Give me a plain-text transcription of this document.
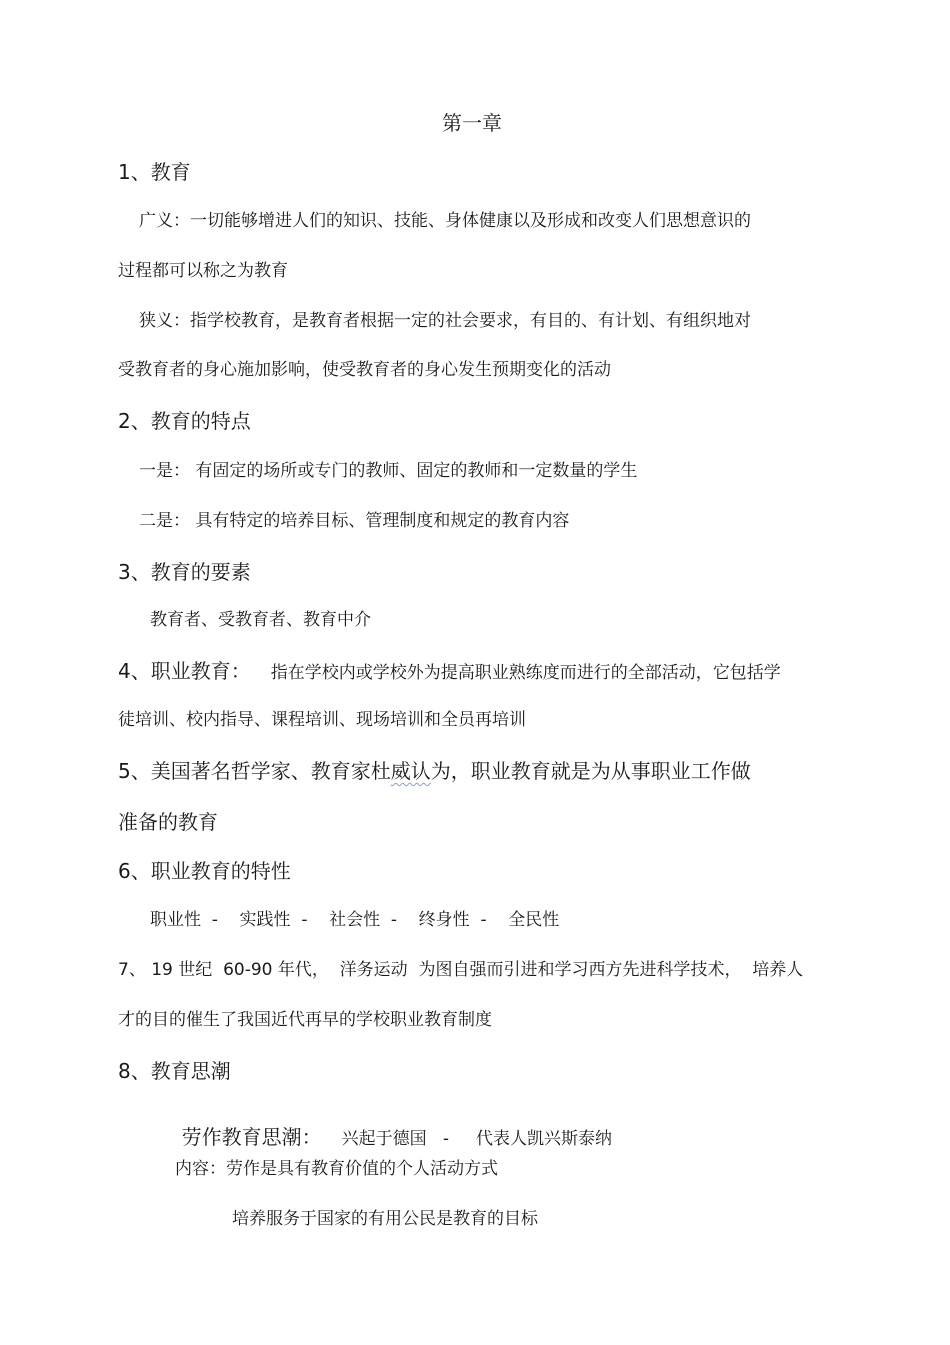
第一章
1、教育
广义：一切能够增进人们的知识、技能、身体健康以及形成和改变人们思想意识的
过程都可以称之为教育
狭义：指学校教育，是教育者根据一定的社会要求，有目的、有计划、有组织地对
受教育者的身心施加影响，使受教育者的身心发生预期变化的活动
2、教育的特点
一是： 有固定的场所或专门的教师、固定的教师和一定数量的学生
二是： 具有特定的培养目标、管理制度和规定的教育内容
3、教育的要素
教育者、受教育者、教育中介
4、职业教育： 指在学校内或学校外为提高职业熟练度而进行的全部活动，它包括学
徒培训、校内指导、课程培训、现场培训和全员再培训
5、美国著名哲学家、教育家杜威认为，职业教育就是为从事职业工作做
准备的教育
6、职业教育的特性
职业性  -    实践性  -    社会性  -    终身性  -    全民性
7、 19 世纪  60-90 年代，  洋务运动  为图自强而引进和学习西方先进科学技术，  培养人
才的目的催生了我国近代再早的学校职业教育制度
8、教育思潮

劳作教育思潮： 兴起于德国   -     代表人凯兴斯泰纳

内容：劳作是具有教育价值的个人活动方式
培养服务于国家的有用公民是教育的目标
